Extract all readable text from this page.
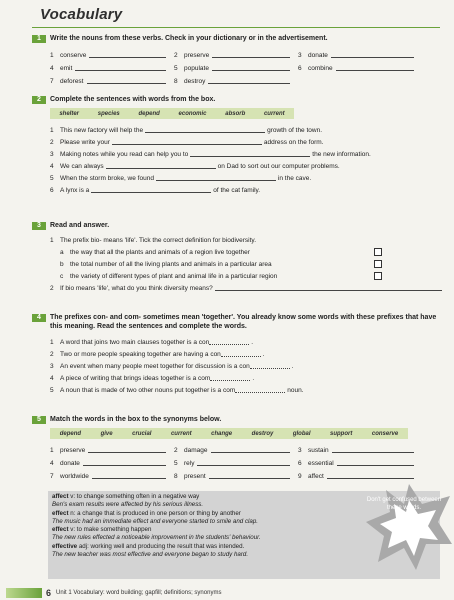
Vocabulary
1	Write the nouns from these verbs. Check in your dictionary or in the advertisement.
1 conserve	2 preserve	3 donate
4 emit	5 populate	6 combine
7 deforest	8 destroy
2	Complete the sentences with words from the box.
shelter	species	depend	economic	absorb	current
1 This new factory will help the	growth of the town.
2 Please write your	address on the form.
3 Making notes while you read can help you to	the new information.
4 We can always	on Dad to sort out our computer problems.
5 When the storm broke, we found	in the cave.
6 A lynx is a	of the cat family.
3	Read and answer.
1 The prefix bio- means 'life'. Tick the correct definition for biodiversity.
a the way that all the plants and animals of a region live together
b the total number of all the living plants and animals in a particular area
c	the variety of different types of plant and animal life in a particular region
2 If bio means 'life', what do you think diversity means?
4	The prefixes con- and com- sometimes mean 'together'. You already know some words with these prefixes that have this meaning. Read the sentences and complete the words.
1 A word that joins two main clauses together is a con	.
2 Two or more people speaking together are having a con	.
3 An event when many people meet together for discussion is a con	.
4 A piece of writing that brings ideas together is a com	.
5 A noun that is made of two other nouns put together is a com	noun.
5	Match the words in the box to the synonyms below.
depend	give	crucial	current	change	destroy	global	support	conserve
1 preserve	2 damage	3 sustain
4 donate	5 rely	6 essential
7 worldwide	8 present	9 affect
affect v: to change something often in a negative way
Ben's exam results were affected by his serious illness.
effect n: a change that is produced in one person or thing by another
The music had an immediate effect and everyone started to smile and clap.
effect v: to make something happen
The new rules effected a noticeable improvement in the students' behaviour.
effective adj: working well and producing the result that was intended.
The new teacher was most effective and everyone began to study hard.
Don't get confused between these words.
6 Unit 1 Vocabulary: word building; gapfill; definitions; synonyms
